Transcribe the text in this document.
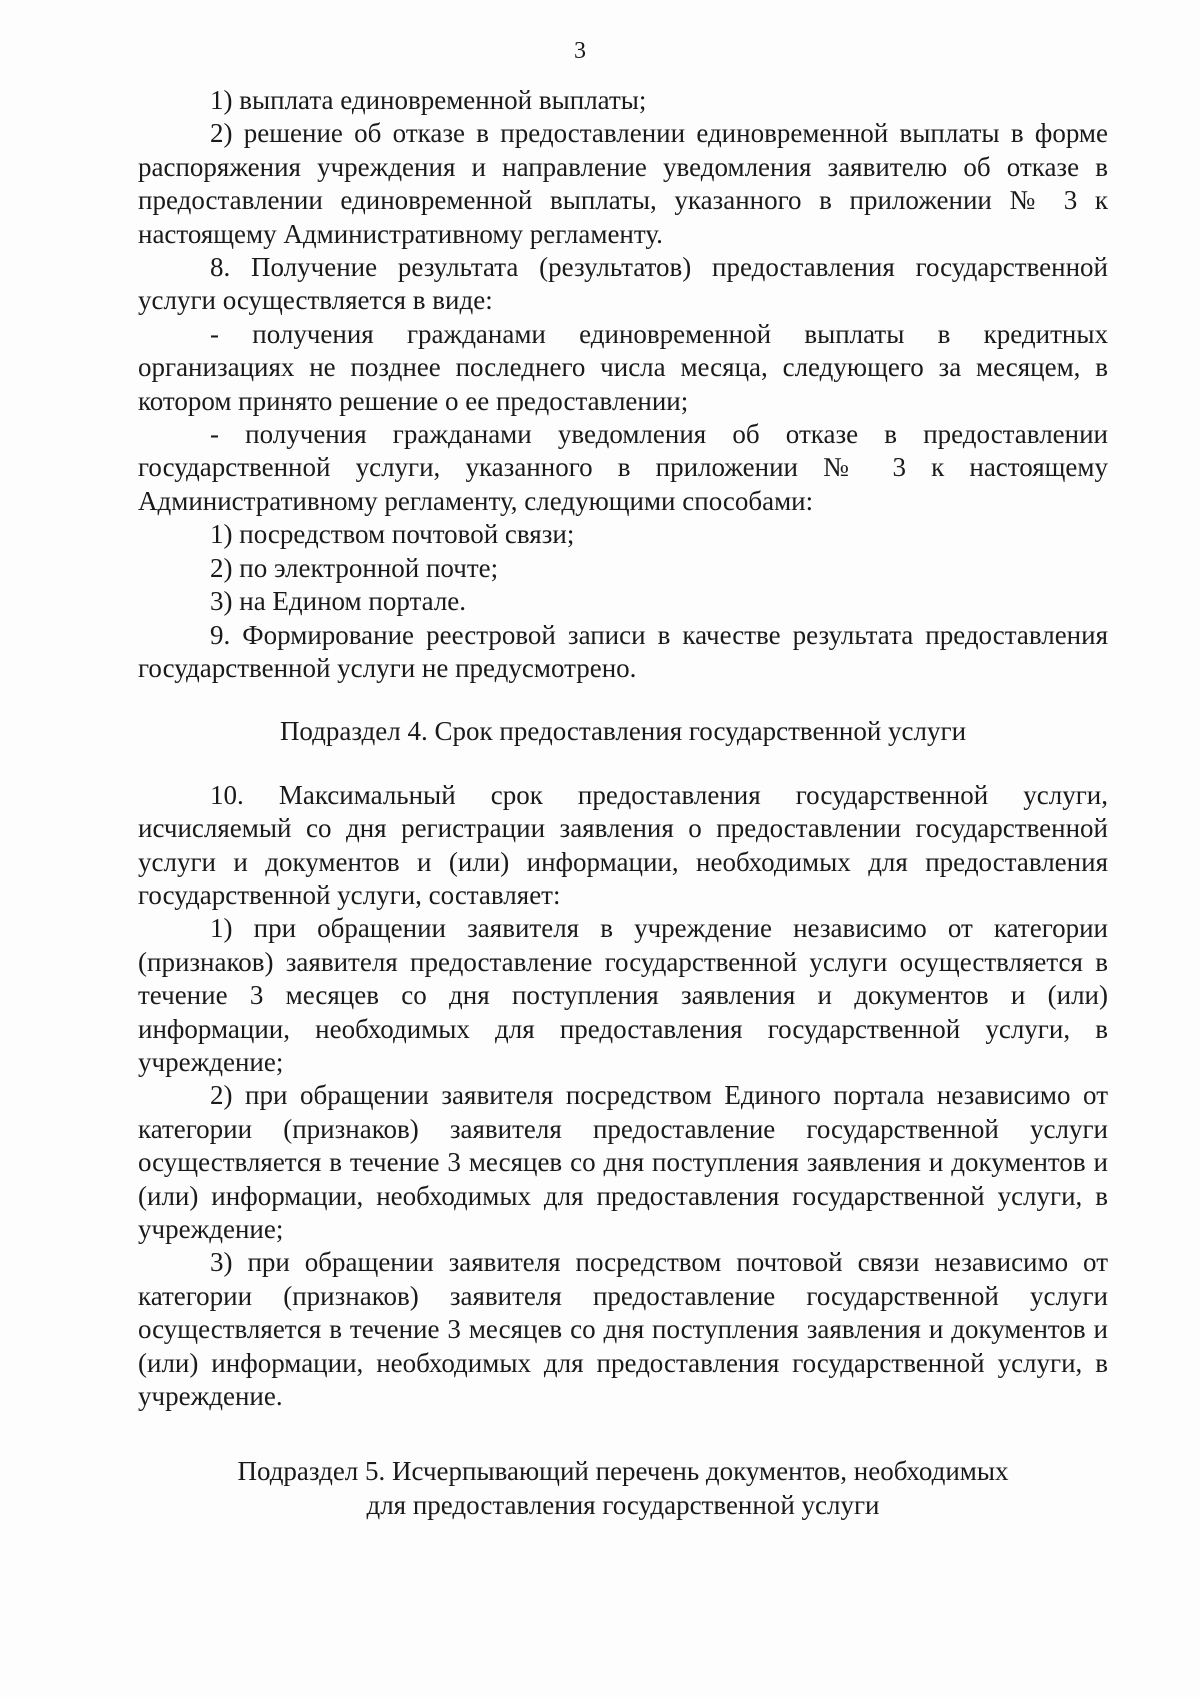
3

1) выплата единовременной выплаты;

2) решение об отказе в предоставлении единовременной выплаты в форме распоряжения учреждения и направление уведомления заявителю об отказе в предоставлении единовременной выплаты, указанного в приложении № 3 к настоящему Административному регламенту.

8. Получение результата (результатов) предоставления государственной услуги осуществляется в виде:

- получения гражданами единовременной выплаты в кредитных организациях не позднее последнего числа месяца, следующего за месяцем, в котором принято решение о ее предоставлении;

- получения гражданами уведомления об отказе в предоставлении государственной услуги, указанного в приложении № 3 к настоящему Административному регламенту, следующими способами:

1) посредством почтовой связи;

2) по электронной почте;

3) на Едином портале.

9. Формирование реестровой записи в качестве результата предоставления государственной услуги не предусмотрено.

Подраздел 4. Срок предоставления государственной услуги

10. Максимальный срок предоставления государственной услуги, исчисляемый со дня регистрации заявления о предоставлении государственной услуги и документов и (или) информации, необходимых для предоставления государственной услуги, составляет:

1) при обращении заявителя в учреждение независимо от категории (признаков) заявителя предоставление государственной услуги осуществляется в течение 3 месяцев со дня поступления заявления и документов и (или) информации, необходимых для предоставления государственной услуги, в учреждение;

2) при обращении заявителя посредством Единого портала независимо от категории (признаков) заявителя предоставление государственной услуги осуществляется в течение 3 месяцев со дня поступления заявления и документов и (или) информации, необходимых для предоставления государственной услуги, в учреждение;

3) при обращении заявителя посредством почтовой связи независимо от категории (признаков) заявителя предоставление государственной услуги осуществляется в течение 3 месяцев со дня поступления заявления и документов и (или) информации, необходимых для предоставления государственной услуги, в учреждение.

Подраздел 5. Исчерпывающий перечень документов, необходимых
для предоставления государственной услуги
